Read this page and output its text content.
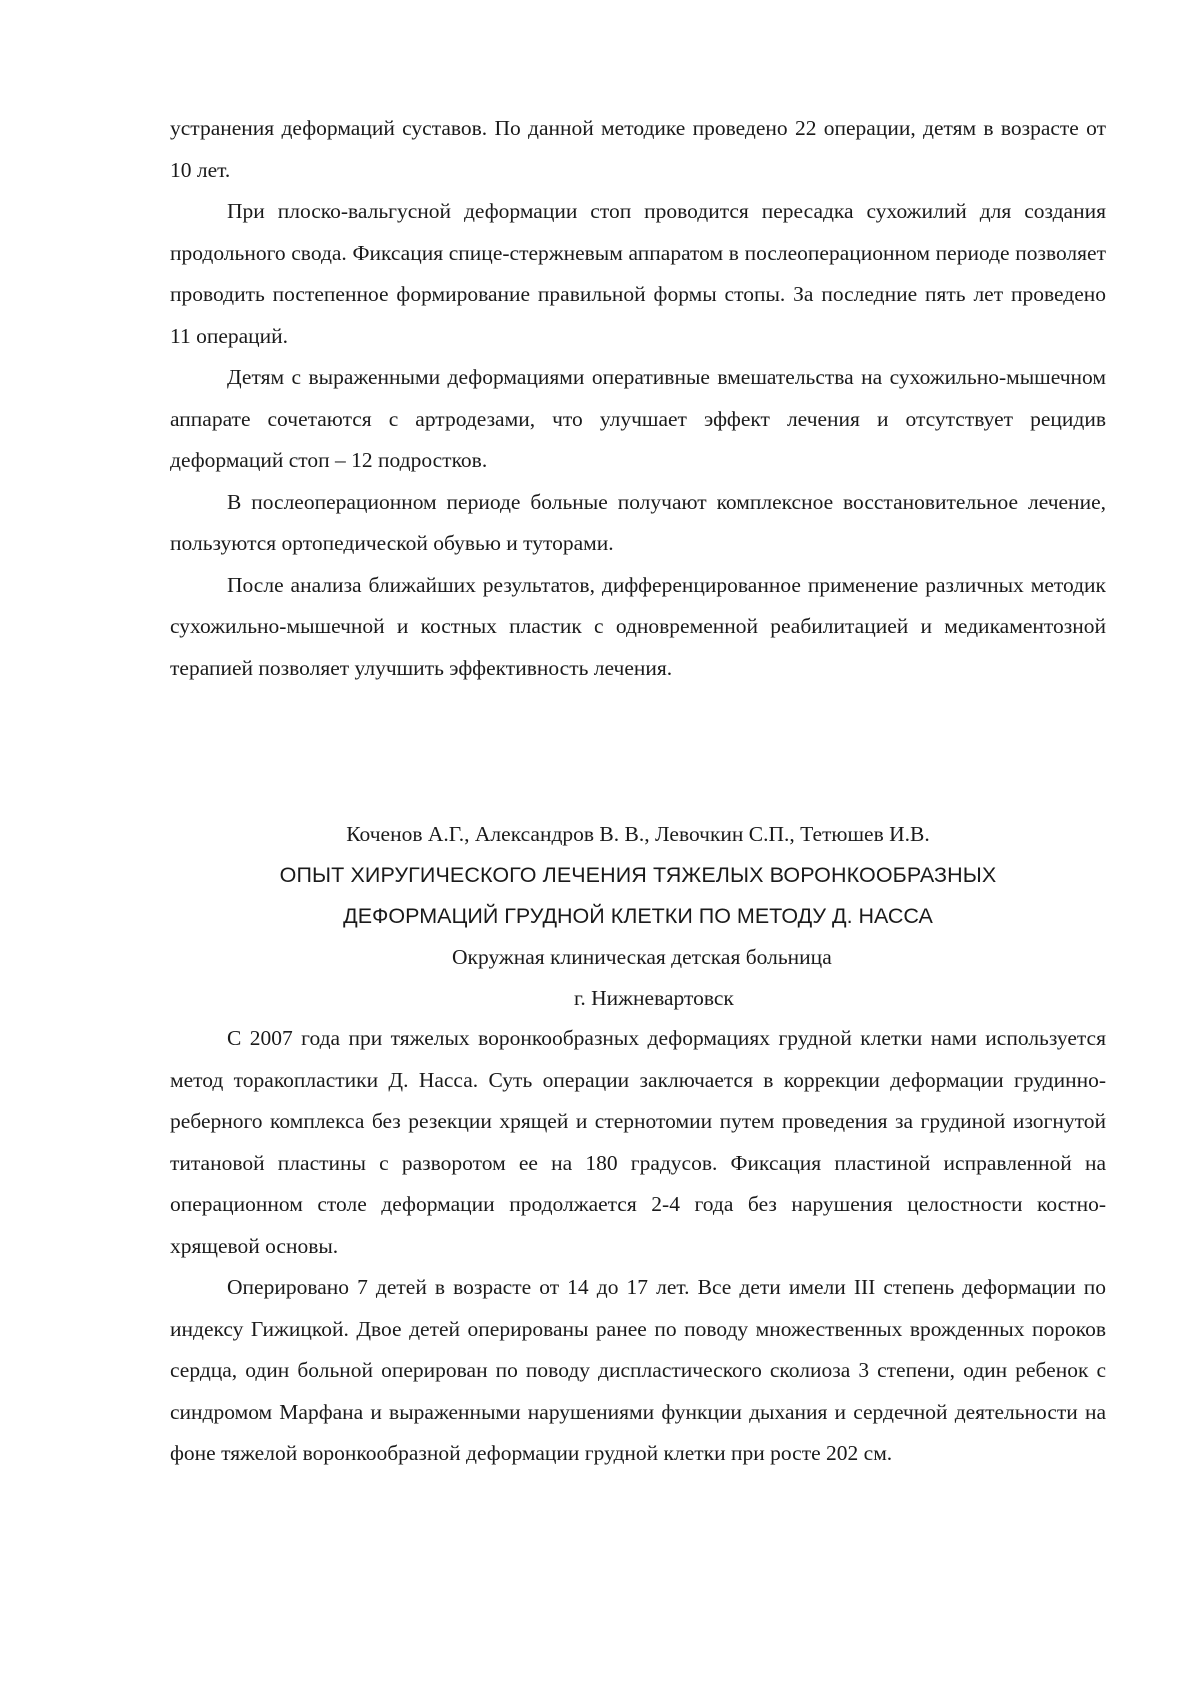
устранения деформаций суставов. По данной методике проведено 22 операции, детям в возрасте от 10 лет.

При плоско-вальгусной деформации стоп проводится пересадка сухожилий для создания продольного свода. Фиксация спице-стержневым аппаратом в послеоперационном периоде позволяет проводить постепенное формирование правильной формы стопы. За последние пять лет проведено 11 операций.

Детям с выраженными деформациями оперативные вмешательства на сухожильно-мышечном аппарате сочетаются с артродезами, что улучшает эффект лечения и отсутствует рецидив деформаций стоп – 12 подростков.

В послеоперационном периоде больные получают комплексное восстановительное лечение, пользуются ортопедической обувью и туторами.

После анализа ближайших результатов, дифференцированное применение различных методик сухожильно-мышечной и костных пластик с одновременной реабилитацией и медикаментозной терапией позволяет улучшить эффективность лечения.

Коченов А.Г., Александров В. В., Левочкин С.П., Тетюшев И.В.
ОПЫТ ХИРУГИЧЕСКОГО ЛЕЧЕНИЯ ТЯЖЕЛЫХ ВОРОНКООБРАЗНЫХ
ДЕФОРМАЦИЙ ГРУДНОЙ КЛЕТКИ ПО МЕТОДУ Д. НАССА
Окружная клиническая детская больница
г. Нижневартовск

С 2007 года при тяжелых воронкообразных деформациях грудной клетки нами используется метод торакопластики Д. Насса. Суть операции заключается в коррекции деформации грудинно-реберного комплекса без резекции хрящей и стернотомии путем проведения за грудиной изогнутой титановой пластины с разворотом ее на 180 градусов. Фиксация пластиной исправленной на операционном столе деформации продолжается 2-4 года без нарушения целостности костно-хрящевой основы.

Оперировано 7 детей в возрасте от 14 до 17 лет. Все дети имели III степень деформации по индексу Гижицкой. Двое детей оперированы ранее по поводу множественных врожденных пороков сердца, один больной оперирован по поводу диспластического сколиоза 3 степени, один ребенок с синдромом Марфана и выраженными нарушениями функции дыхания и сердечной деятельности на фоне тяжелой воронкообразной деформации грудной клетки при росте 202 см.
